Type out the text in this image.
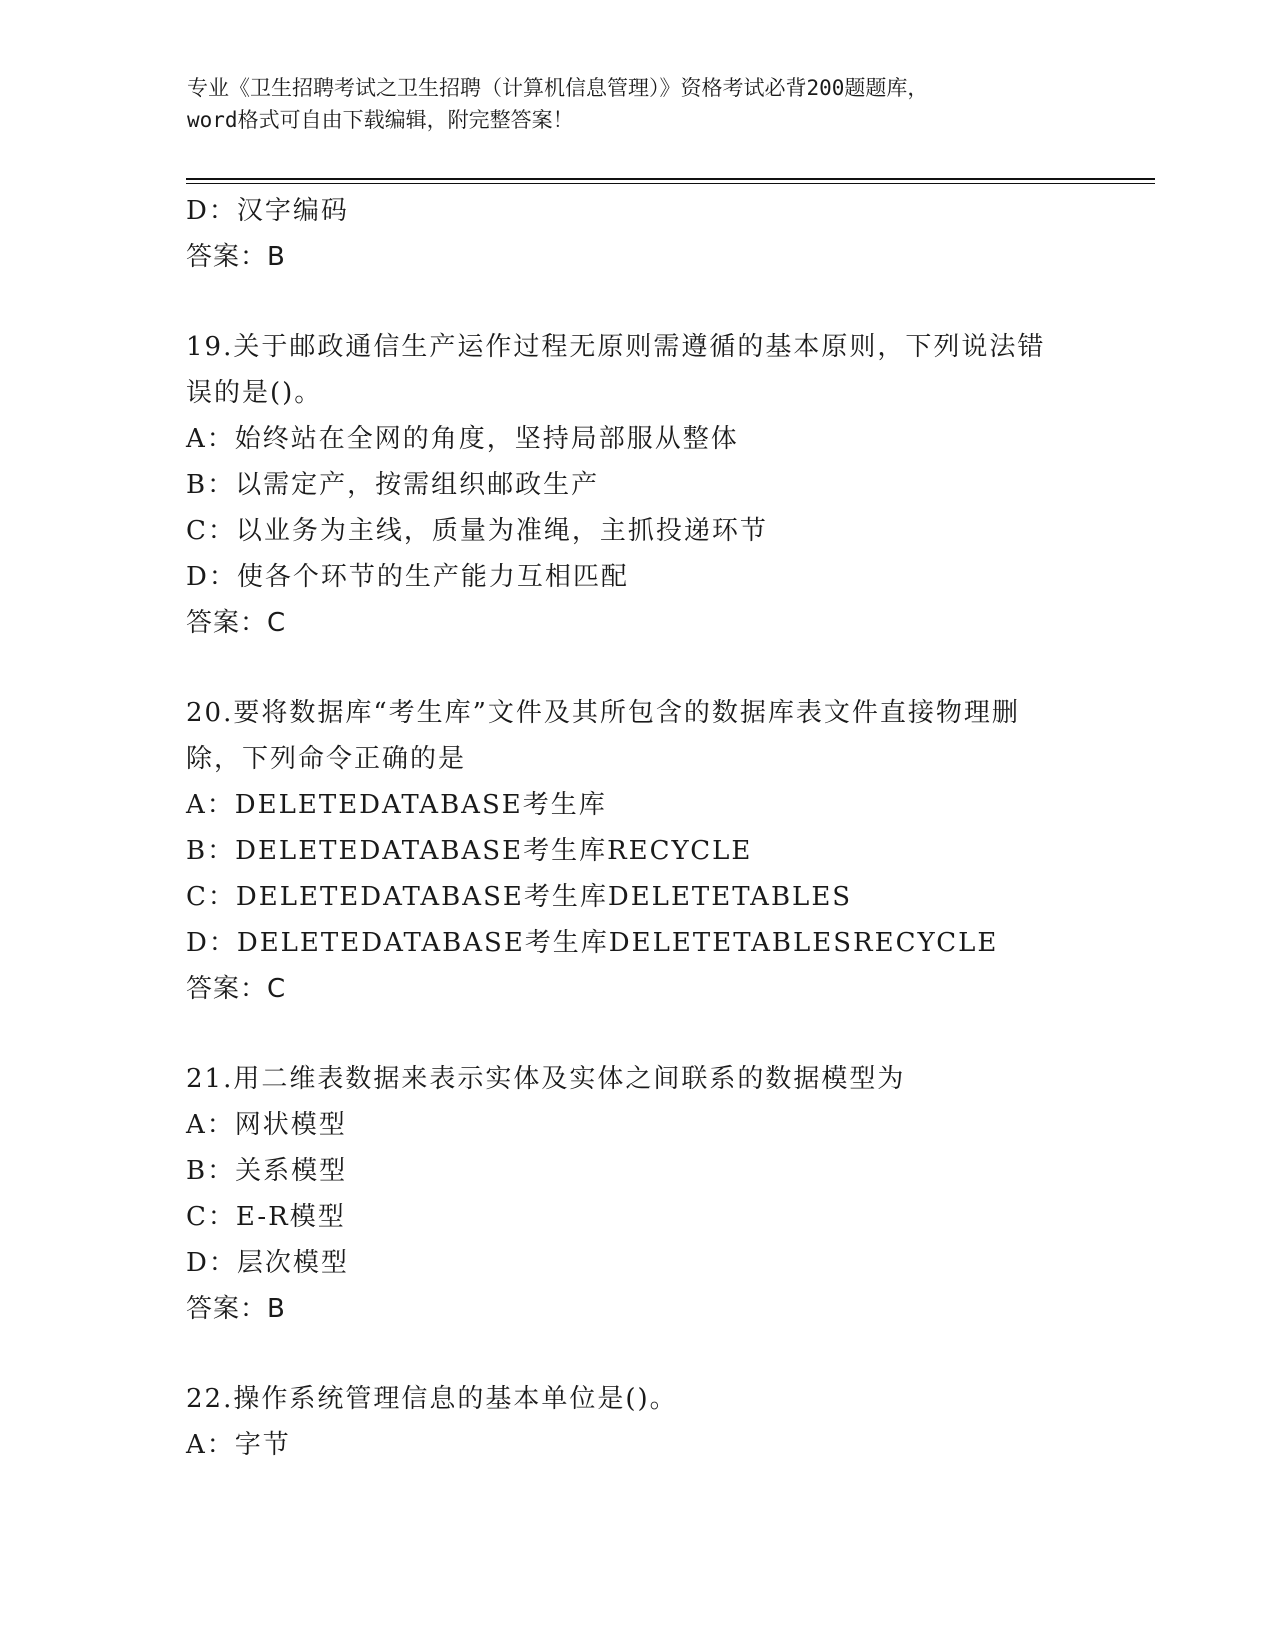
专业《卫生招聘考试之卫生招聘（计算机信息管理）》资格考试必背200题题库，
word格式可自由下载编辑，附完整答案！
D：汉字编码
答案：B
19.关于邮政通信生产运作过程无原则需遵循的基本原则，下列说法错
误的是()。
A：始终站在全网的角度，坚持局部服从整体
B：以需定产，按需组织邮政生产
C：以业务为主线，质量为准绳，主抓投递环节
D：使各个环节的生产能力互相匹配
答案：C
20.要将数据库“考生库”文件及其所包含的数据库表文件直接物理删
除，下列命令正确的是
A：DELETEDATABASE考生库
B：DELETEDATABASE考生库RECYCLE
C：DELETEDATABASE考生库DELETETABLES
D：DELETEDATABASE考生库DELETETABLESRECYCLE
答案：C
21.用二维表数据来表示实体及实体之间联系的数据模型为
A：网状模型
B：关系模型
C：E-R模型
D：层次模型
答案：B
22.操作系统管理信息的基本单位是()。
A：字节
